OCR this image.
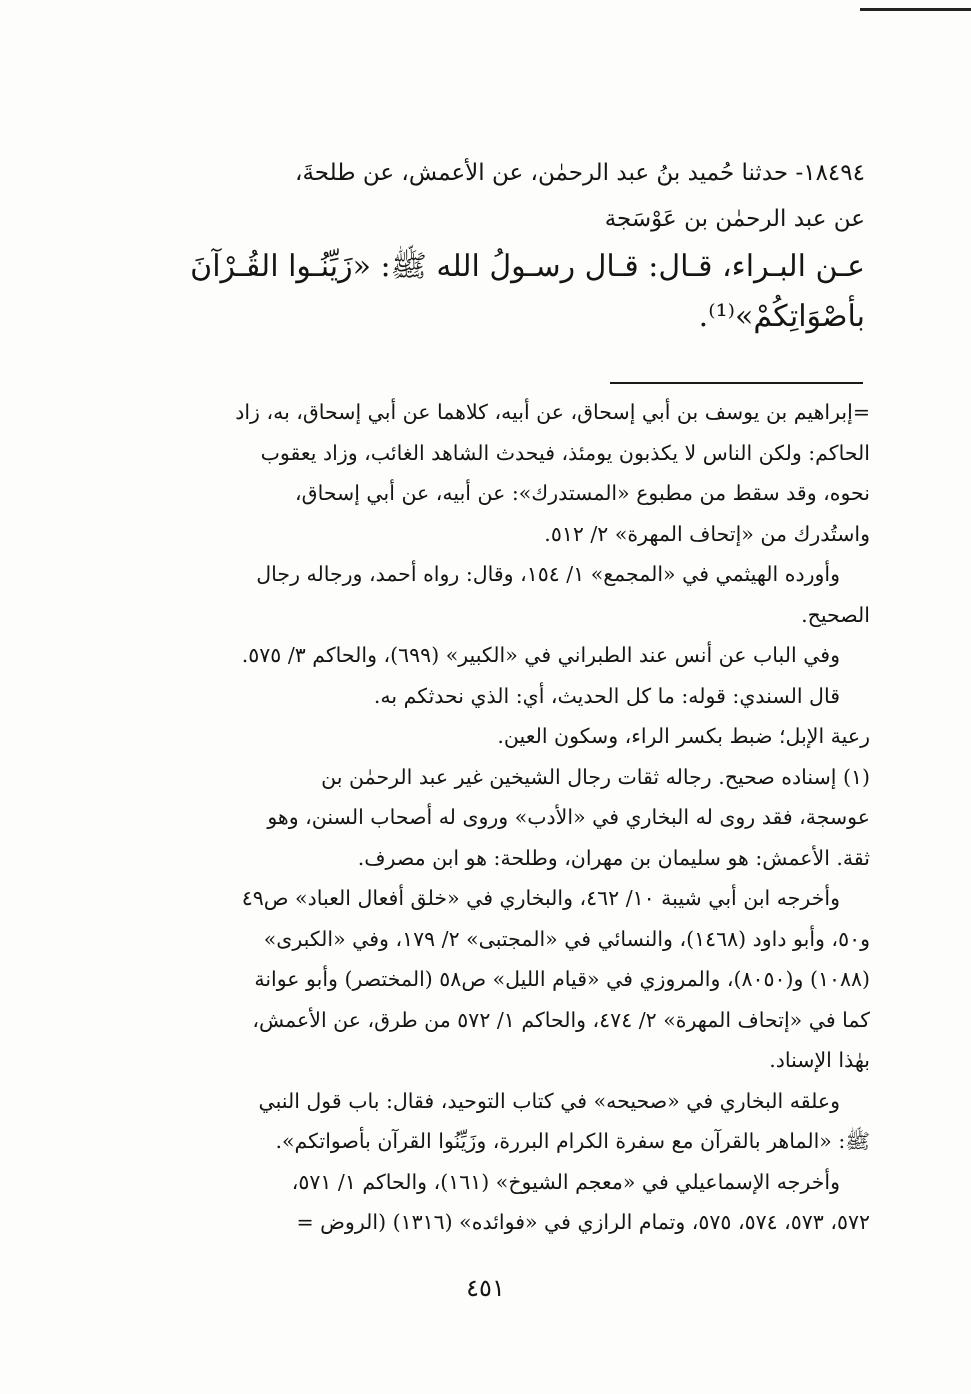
١٨٤٩٤- حدثنا حُميد بنُ عبد الرحمٰن، عن الأعمش، عن طلحةَ،

عن عبد الرحمٰن بن عَوْسَجة

عـن البـراء، قـال: قـال رسـولُ الله ﷺ: «زَيِّنُـوا القُـرْآنَ

بأصْوَاتِكُمْ»⁽¹⁾.

=إبراهيم بن يوسف بن أبي إسحاق، عن أبيه، كلاهما عن أبي إسحاق، به، زاد

الحاكم: ولكن الناس لا يكذبون يومئذ، فيحدث الشاهد الغائب، وزاد يعقوب

نحوه، وقد سقط من مطبوع «المستدرك»: عن أبيه، عن أبي إسحاق،

واستُدرك من «إتحاف المهرة» ٢/ ٥١٢.

وأورده الهيثمي في «المجمع» ١/ ١٥٤، وقال: رواه أحمد، ورجاله رجال

الصحيح.

وفي الباب عن أنس عند الطبراني في «الكبير» (٦٩٩)، والحاكم ٣/ ٥٧٥.

قال السندي: قوله: ما كل الحديث، أي: الذي نحدثكم به.

رعية الإبل؛ ضبط بكسر الراء، وسكون العين.

(١) إسناده صحيح. رجاله ثقات رجال الشيخين غير عبد الرحمٰن بن

عوسجة، فقد روى له البخاري في «الأدب» وروى له أصحاب السنن، وهو

ثقة. الأعمش: هو سليمان بن مهران، وطلحة: هو ابن مصرف.

وأخرجه ابن أبي شيبة ١٠/ ٤٦٢، والبخاري في «خلق أفعال العباد» ص٤٩

و٥٠، وأبو داود (١٤٦٨)، والنسائي في «المجتبى» ٢/ ١٧٩، وفي «الكبرى»

(١٠٨٨) و(٨٠٥٠)، والمروزي في «قيام الليل» ص٥٨ (المختصر) وأبو عوانة

كما في «إتحاف المهرة» ٢/ ٤٧٤، والحاكم ١/ ٥٧٢ من طرق، عن الأعمش،

بهٰذا الإسناد.

وعلقه البخاري في «صحيحه» في كتاب التوحيد، فقال: باب قول النبي

ﷺ: «الماهر بالقرآن مع سفرة الكرام البررة، وزَيِّنُوا القرآن بأصواتكم».

وأخرجه الإسماعيلي في «معجم الشيوخ» (١٦١)، والحاكم ١/ ٥٧١،

٥٧٢، ٥٧٣، ٥٧٤، ٥٧٥، وتمام الرازي في «فوائده» (١٣١٦) (الروض =

٤٥١
